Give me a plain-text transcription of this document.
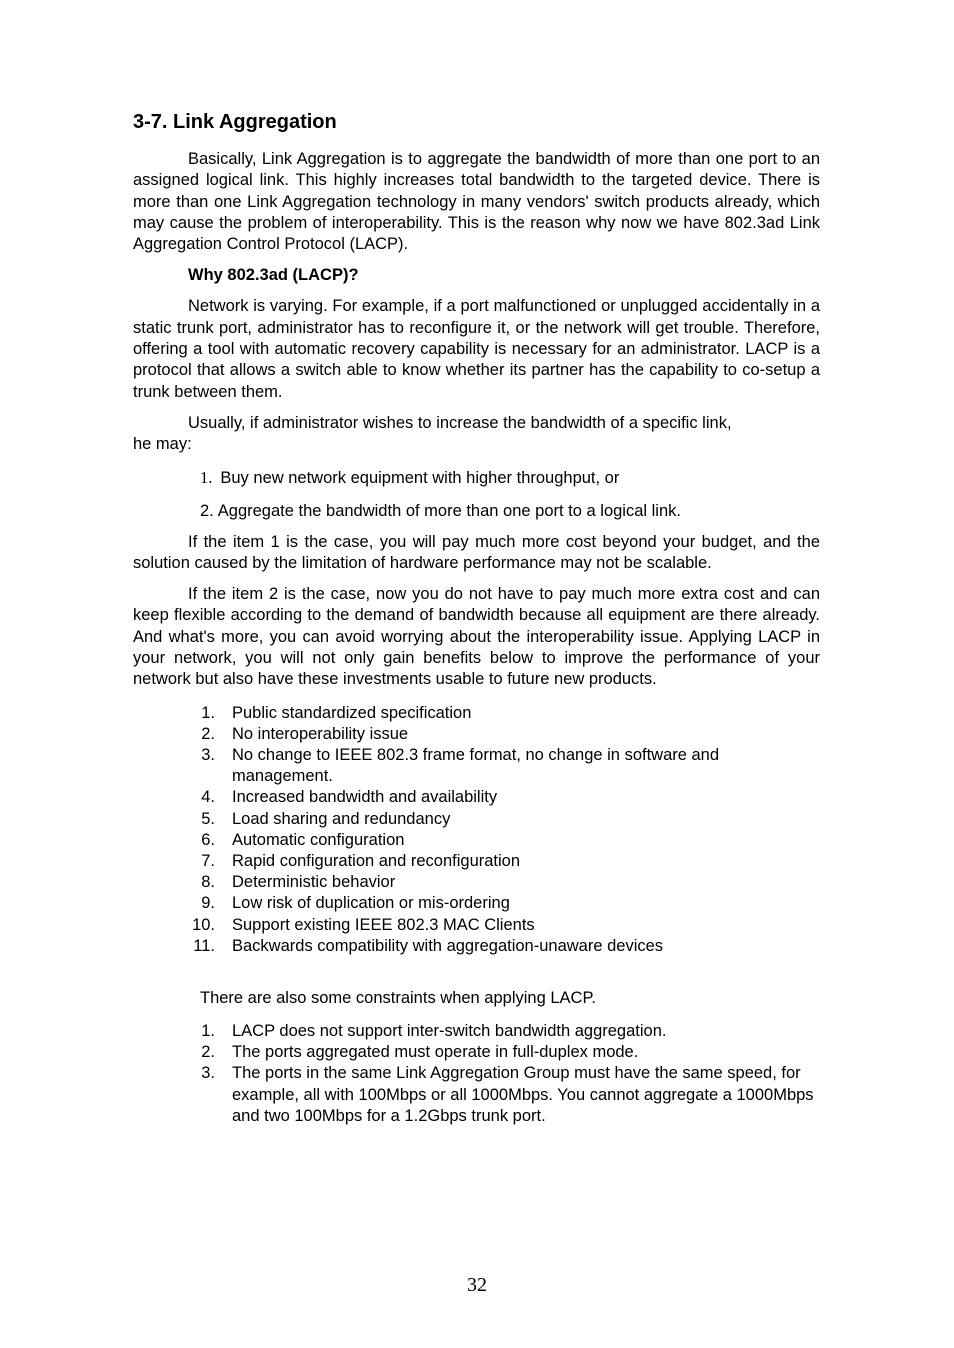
3-7. Link Aggregation

Basically, Link Aggregation is to aggregate the bandwidth of more than one port to an assigned logical link. This highly increases total bandwidth to the targeted device. There is more than one Link Aggregation technology in many vendors' switch products already, which may cause the problem of interoperability. This is the reason why now we have 802.3ad Link Aggregation Control Protocol (LACP).

Why 802.3ad (LACP)?

Network is varying. For example, if a port malfunctioned or unplugged accidentally in a static trunk port, administrator has to reconfigure it, or the network will get trouble. Therefore, offering a tool with automatic recovery capability is necessary for an administrator. LACP is a protocol that allows a switch able to know whether its partner has the capability to co-setup a trunk between them.

Usually, if administrator wishes to increase the bandwidth of a specific link,
he may:

1. Buy new network equipment with higher throughput, or
2. Aggregate the bandwidth of more than one port to a logical link.

If the item 1 is the case, you will pay much more cost beyond your budget, and the solution caused by the limitation of hardware performance may not be scalable.

If the item 2 is the case, now you do not have to pay much more extra cost and can keep flexible according to the demand of bandwidth because all equipment are there already. And what's more, you can avoid worrying about the interoperability issue. Applying LACP in your network, you will not only gain benefits below to improve the performance of your network but also have these investments usable to future new products.

1. Public standardized specification
2. No interoperability issue
3. No change to IEEE 802.3 frame format, no change in software and management.
4. Increased bandwidth and availability
5. Load sharing and redundancy
6. Automatic configuration
7. Rapid configuration and reconfiguration
8. Deterministic behavior
9. Low risk of duplication or mis-ordering
10. Support existing IEEE 802.3 MAC Clients
11. Backwards compatibility with aggregation-unaware devices
There are also some constraints when applying LACP.
1. LACP does not support inter-switch bandwidth aggregation.
2. The ports aggregated must operate in full-duplex mode.
3. The ports in the same Link Aggregation Group must have the same speed, for example, all with 100Mbps or all 1000Mbps. You cannot aggregate a 1000Mbps and two 100Mbps for a 1.2Gbps trunk port.
32
